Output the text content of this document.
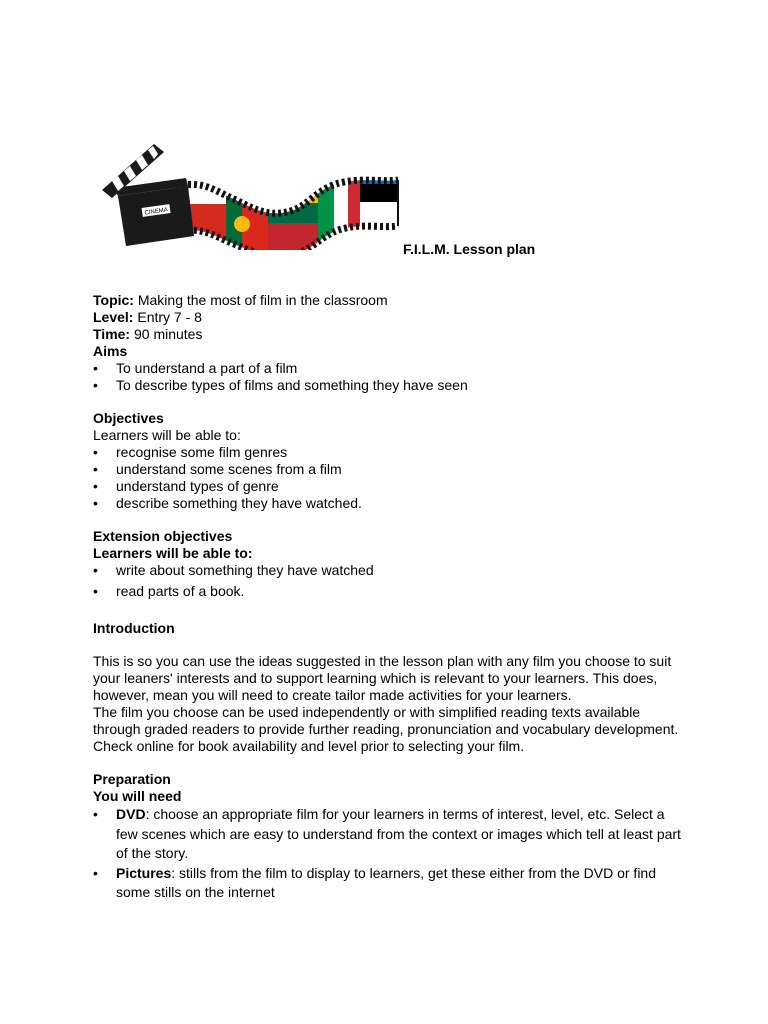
CINEMA
F.I.L.M. Lesson plan
Topic: Making the most of film in the classroom
Level: Entry 7 - 8
Time: 90 minutes
Aims
• To understand a part of a film
• To describe types of films and something they have seen
Objectives
Learners will be able to:
• recognise some film genres
• understand some scenes from a film
• understand types of genre
• describe something they have watched.
Extension objectives
Learners will be able to:
• write about something they have watched
• read parts of a book.
Introduction
This is so you can use the ideas suggested in the lesson plan with any film you choose to suit your leaners' interests and to support learning which is relevant to your learners. This does, however, mean you will need to create tailor made activities for your learners.
The film you choose can be used independently or with simplified reading texts available through graded readers to provide further reading, pronunciation and vocabulary development. Check online for book availability and level prior to selecting your film.
Preparation
You will need
• DVD: choose an appropriate film for your learners in terms of interest, level, etc. Select a few scenes which are easy to understand from the context or images which tell at least part of the story.
• Pictures: stills from the film to display to learners, get these either from the DVD or find some stills on the internet
